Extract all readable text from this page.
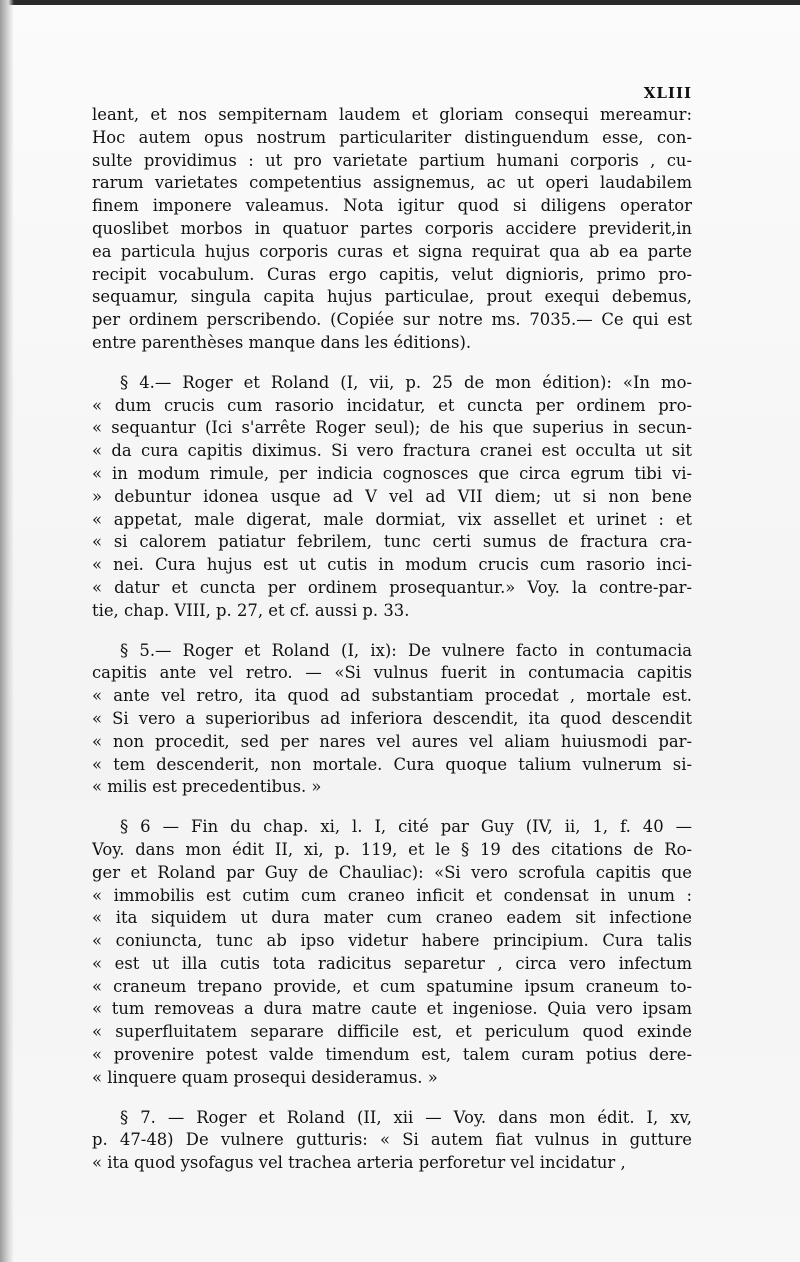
XLIII
leant, et nos sempiternam laudem et gloriam consequi mereamur:
Hoc autem opus nostrum particulariter distinguendum esse, con-
sulte providimus : ut pro varietate partium humani corporis , cu-
rarum varietates competentius assignemus, ac ut operi laudabilem
finem imponere valeamus. Nota igitur quod si diligens operator
quoslibet morbos in quatuor partes corporis accidere previderit,in
ea particula hujus corporis curas et signa requirat qua ab ea parte
recipit vocabulum. Curas ergo capitis, velut dignioris, primo pro-
sequamur, singula capita hujus particulae, prout exequi debemus,
per ordinem perscribendo. (Copiée sur notre ms. 7035.— Ce qui est
entre parenthèses manque dans les éditions).
§ 4.— Roger et Roland (I, vii, p. 25 de mon édition): «In mo-
« dum crucis cum rasorio incidatur, et cuncta per ordinem pro-
« sequantur (Ici s'arrête Roger seul); de his que superius in secun-
« da cura capitis diximus. Si vero fractura cranei est occulta ut sit
« in modum rimule, per indicia cognosces que circa egrum tibi vi-
» debuntur idonea usque ad V vel ad VII diem; ut si non bene
« appetat, male digerat, male dormiat, vix assellet et urinet : et
« si calorem patiatur febrilem, tunc certi sumus de fractura cra-
« nei. Cura hujus est ut cutis in modum crucis cum rasorio inci-
« datur et cuncta per ordinem prosequantur.» Voy. la contre-par-
tie, chap. VIII, p. 27, et cf. aussi p. 33.
§ 5.— Roger et Roland (I, ix): De vulnere facto in contumacia
capitis ante vel retro. — «Si vulnus fuerit in contumacia capitis
« ante vel retro, ita quod ad substantiam procedat , mortale est.
« Si vero a superioribus ad inferiora descendit, ita quod descendit
« non procedit, sed per nares vel aures vel aliam huiusmodi par-
« tem descenderit, non mortale. Cura quoque talium vulnerum si-
« milis est precedentibus. »
§ 6 — Fin du chap. xi, l. I, cité par Guy (IV, ii, 1, f. 40 —
Voy. dans mon édit II, xi, p. 119, et le § 19 des citations de Ro-
ger et Roland par Guy de Chauliac): «Si vero scrofula capitis que
« immobilis est cutim cum craneo inficit et condensat in unum :
« ita siquidem ut dura mater cum craneo eadem sit infectione
« coniuncta, tunc ab ipso videtur habere principium. Cura talis
« est ut illa cutis tota radicitus separetur , circa vero infectum
« craneum trepano provide, et cum spatumine ipsum craneum to-
« tum removeas a dura matre caute et ingeniose. Quia vero ipsam
« superfluitatem separare difficile est, et periculum quod exinde
« provenire potest valde timendum est, talem curam potius dere-
« linquere quam prosequi desideramus. »
§ 7. — Roger et Roland (II, xii — Voy. dans mon édit. I, xv,
p. 47-48) De vulnere gutturis: « Si autem fiat vulnus in gutture
« ita quod ysofagus vel trachea arteria perforetur vel incidatur ,
